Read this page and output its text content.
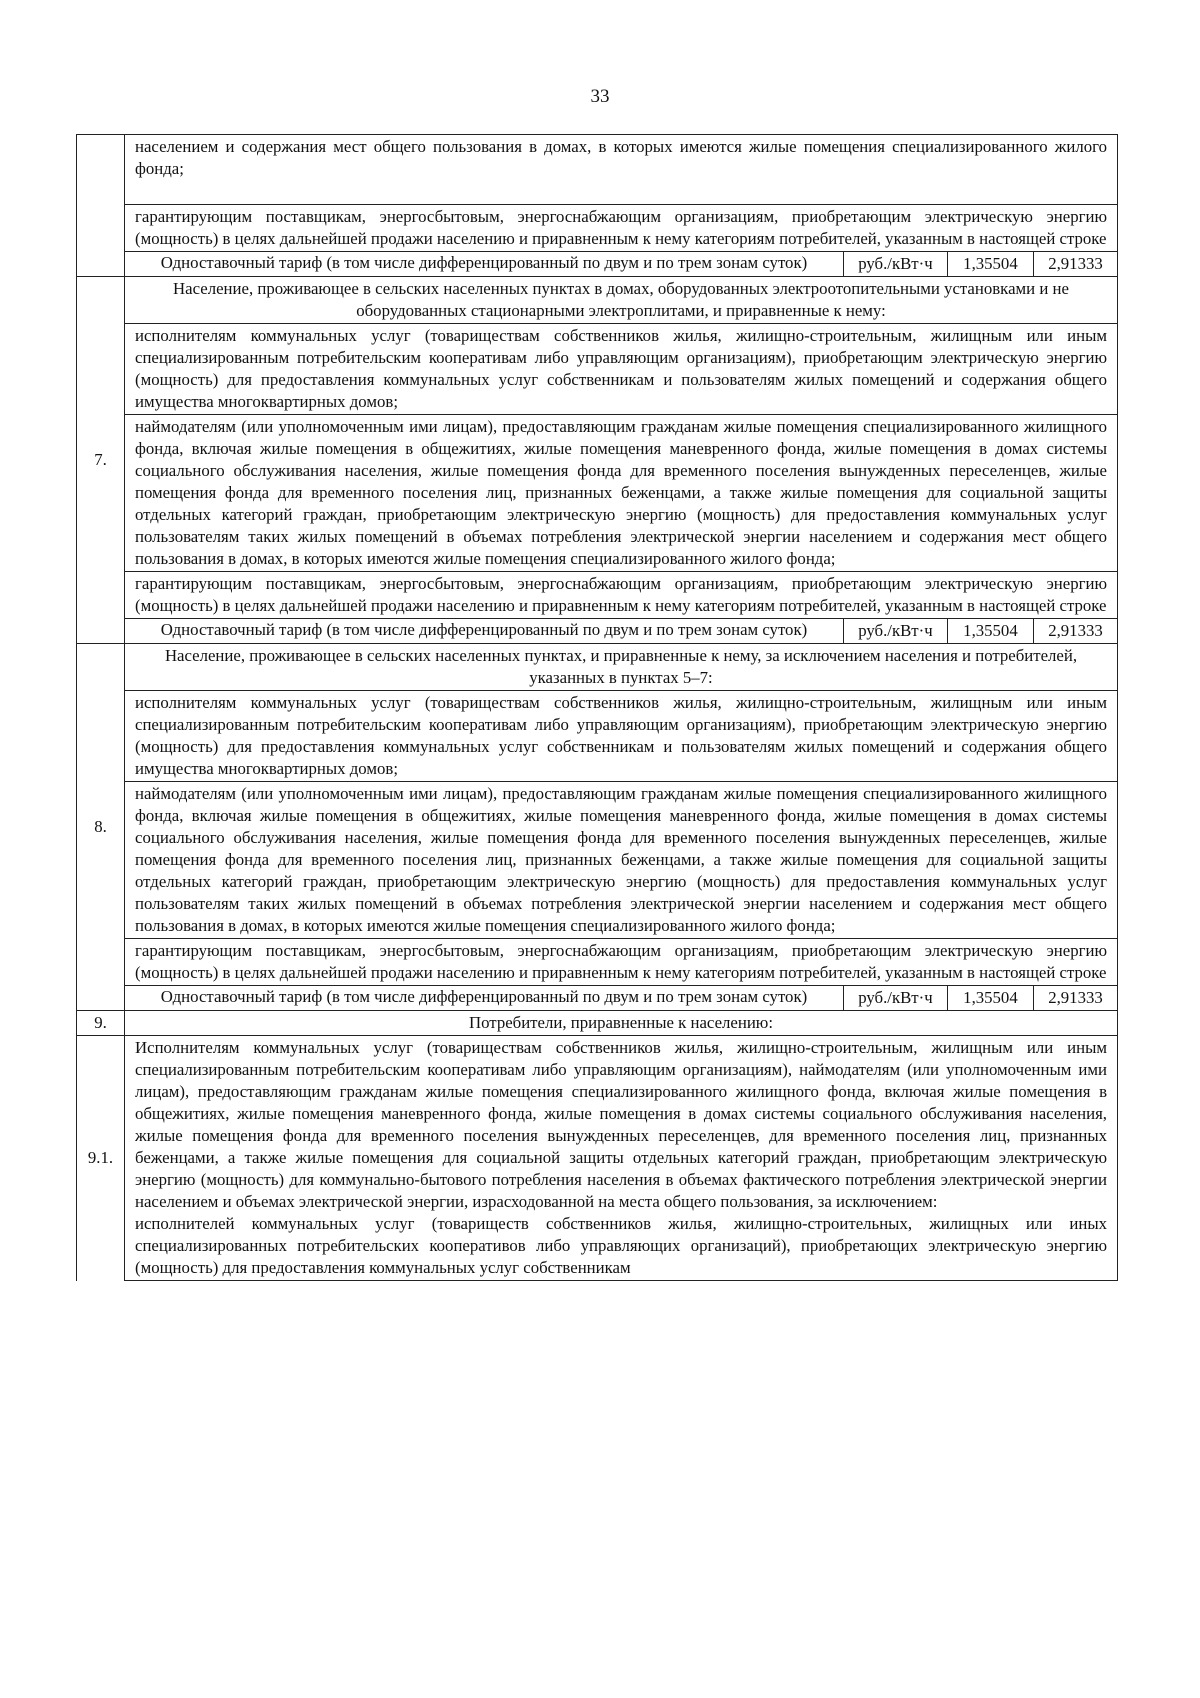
33
	населением и содержания мест общего пользования в домах, в которых имеются жилые помещения специализированного жилого фонда;			
	гарантирующим поставщикам, энергосбытовым, энергоснабжающим организациям, приобретающим электрическую энергию (мощность) в целях дальнейшей продажи населению и приравненным к нему категориям потребителей, указанным в настоящей строке			
	Одноставочный тариф (в том числе дифференцированный по двум и по трем зонам суток)	руб./кВт·ч	1,35504	2,91333
7.	Население, проживающее в сельских населенных пунктах в домах, оборудованных электроотопительными установками и не оборудованных стационарными электроплитами, и приравненные к нему:			
	исполнителям коммунальных услуг (товариществам собственников жилья, жилищно-строительным, жилищным или иным специализированным потребительским кооперативам либо управляющим организациям), приобретающим электрическую энергию (мощность) для предоставления коммунальных услуг собственникам и пользователям жилых помещений и содержания общего имущества многоквартирных домов;			
	наймодателям (или уполномоченным ими лицам), предоставляющим гражданам жилые помещения специализированного жилищного фонда, включая жилые помещения в общежитиях, жилые помещения маневренного фонда, жилые помещения в домах системы социального обслуживания населения, жилые помещения фонда для временного поселения вынужденных переселенцев, жилые помещения фонда для временного поселения лиц, признанных беженцами, а также жилые помещения для социальной защиты отдельных категорий граждан, приобретающим электрическую энергию (мощность) для предоставления коммунальных услуг пользователям таких жилых помещений в объемах потребления электрической энергии населением и содержания мест общего пользования в домах, в которых имеются жилые помещения специализированного жилого фонда;			
	гарантирующим поставщикам, энергосбытовым, энергоснабжающим организациям, приобретающим электрическую энергию (мощность) в целях дальнейшей продажи населению и приравненным к нему категориям потребителей, указанным в настоящей строке			
	Одноставочный тариф (в том числе дифференцированный по двум и по трем зонам суток)	руб./кВт·ч	1,35504	2,91333
8.	Население, проживающее в сельских населенных пунктах, и приравненные к нему, за исключением населения и потребителей, указанных в пунктах 5–7:			
	исполнителям коммунальных услуг (товариществам собственников жилья, жилищно-строительным, жилищным или иным специализированным потребительским кооперативам либо управляющим организациям), приобретающим электрическую энергию (мощность) для предоставления коммунальных услуг собственникам и пользователям жилых помещений и содержания общего имущества многоквартирных домов;			
	наймодателям (или уполномоченным ими лицам), предоставляющим гражданам жилые помещения специализированного жилищного фонда, включая жилые помещения в общежитиях, жилые помещения маневренного фонда, жилые помещения в домах системы социального обслуживания населения, жилые помещения фонда для временного поселения вынужденных переселенцев, жилые помещения фонда для временного поселения лиц, признанных беженцами, а также жилые помещения для социальной защиты отдельных категорий граждан, приобретающим электрическую энергию (мощность) для предоставления коммунальных услуг пользователям таких жилых помещений в объемах потребления электрической энергии населением и содержания мест общего пользования в домах, в которых имеются жилые помещения специализированного жилого фонда;			
	гарантирующим поставщикам, энергосбытовым, энергоснабжающим организациям, приобретающим электрическую энергию (мощность) в целях дальнейшей продажи населению и приравненным к нему категориям потребителей, указанным в настоящей строке			
	Одноставочный тариф (в том числе дифференцированный по двум и по трем зонам суток)	руб./кВт·ч	1,35504	2,91333
9.	Потребители, приравненные к населению:			
9.1.	Исполнителям коммунальных услуг (товариществам собственников жилья, жилищно-строительным, жилищным или иным специализированным потребительским кооперативам либо управляющим организациям), наймодателям (или уполномоченным ими лицам), предоставляющим гражданам жилые помещения специализированного жилищного фонда, включая жилые помещения в общежитиях, жилые помещения маневренного фонда, жилые помещения в домах системы социального обслуживания населения, жилые помещения фонда для временного поселения вынужденных переселенцев, для временного поселения лиц, признанных беженцами, а также жилые помещения для социальной защиты отдельных категорий граждан, приобретающим электрическую энергию (мощность) для коммунально-бытового потребления населения в объемах фактического потребления электрической энергии населением и объемах электрической энергии, израсходованной на места общего пользования, за исключением:
исполнителей коммунальных услуг (товариществ собственников жилья, жилищно-строительных, жилищных или иных специализированных потребительских кооперативов либо управляющих организаций), приобретающих электрическую энергию (мощность) для предоставления коммунальных услуг собственникам			
